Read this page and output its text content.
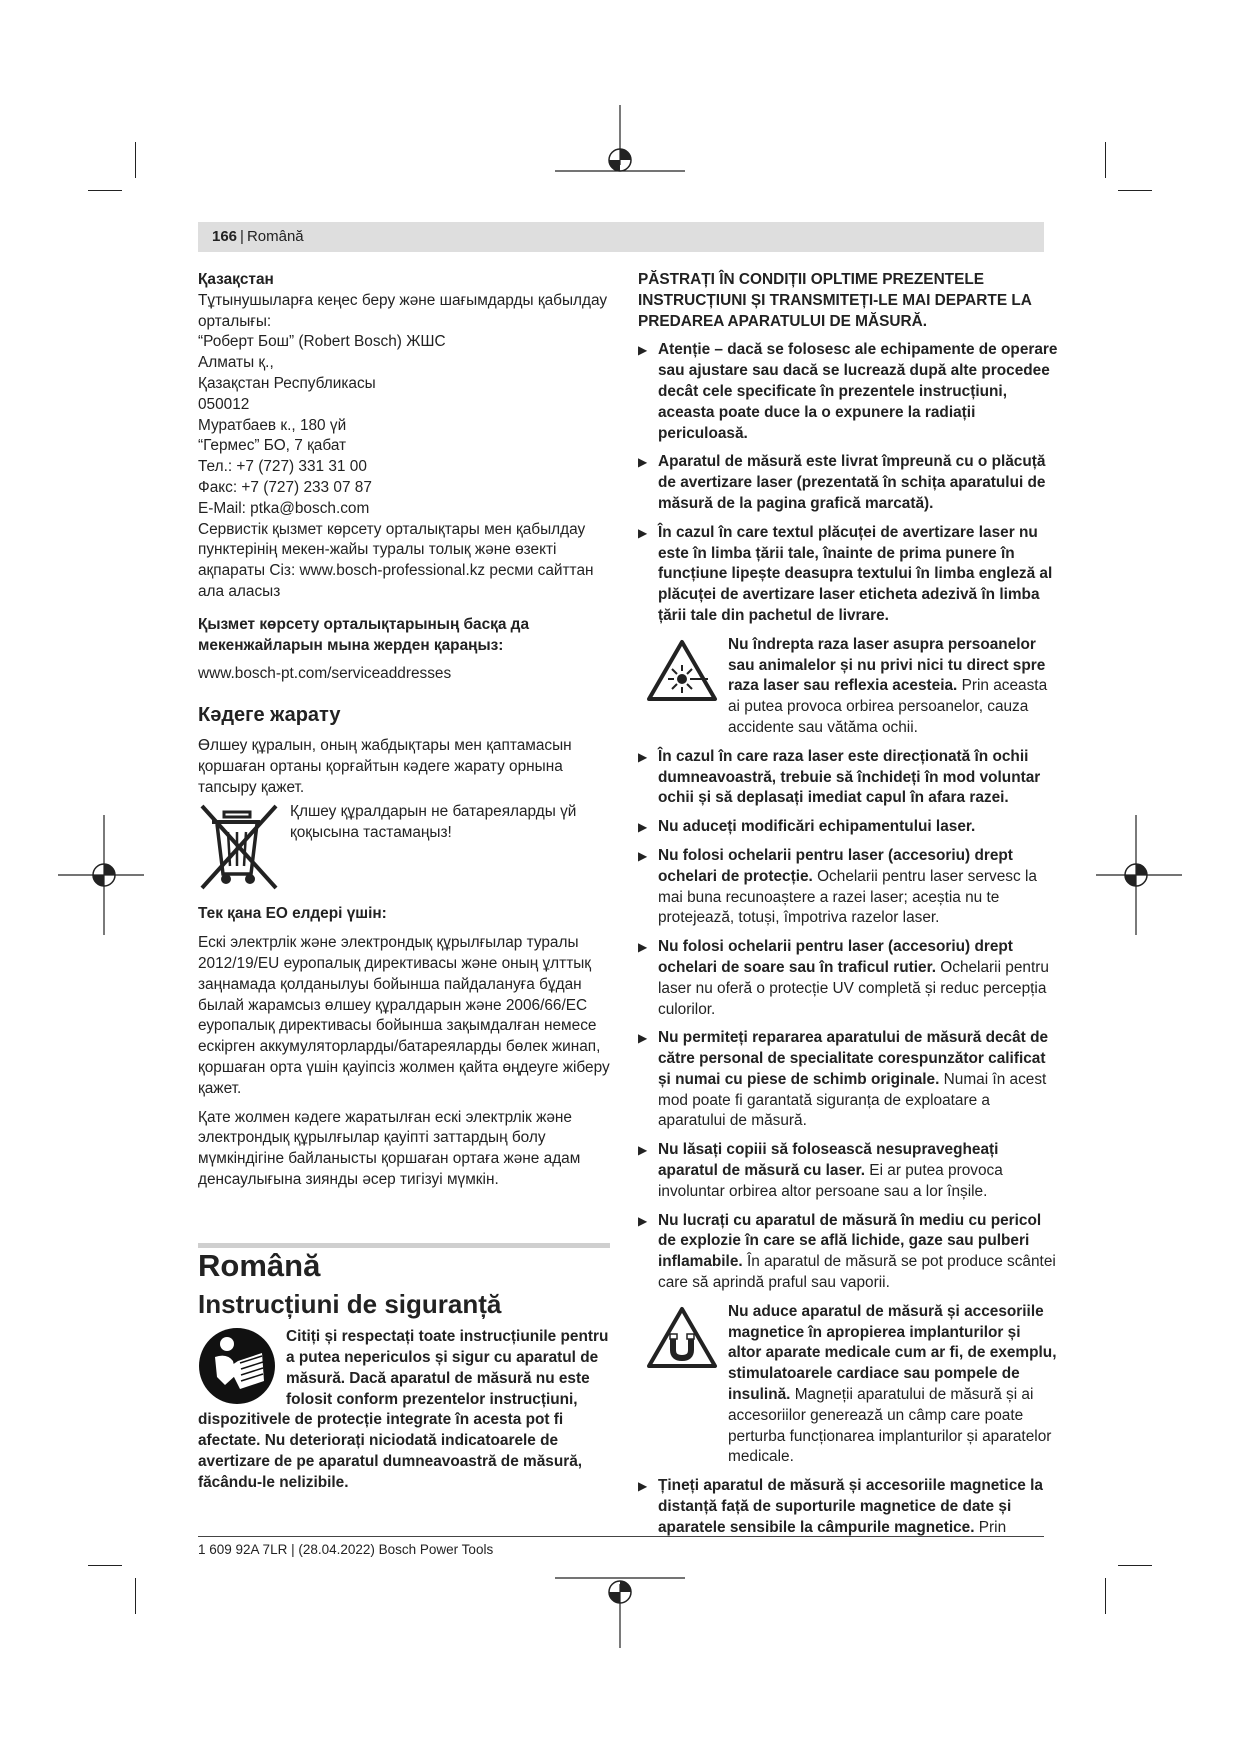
166 | Română

Қазақстан

Тұтынушыларға кеңес беру және шағымдарды қабылдау орталығы:

“Роберт Бош” (Robert Bosch) ЖШС

Алматы қ.,

Қазақстан Республикасы

050012

Муратбаев к., 180 үй

“Гермес” БО, 7 қабат

Тел.: +7 (727) 331 31 00

Факс: +7 (727) 233 07 87

E-Mail: ptka@bosch.com

Сервистік қызмет көрсету орталықтары мен қабылдау пунктерінің мекен-жайы туралы толық және өзекті ақпараты Сіз: www.bosch-professional.kz ресми сайттан ала аласыз

Қызмет көрсету орталықтарының басқа да мекенжайларын мына жерден қараңыз:

www.bosch-pt.com/serviceaddresses

Кәдеге жарату

Өлшеу құралын, оның жабдықтары мен қаптамасын қоршаған ортаны қорғайтын кәдеге жарату орнына тапсыру қажет.

Қлшеу құралдарын не батареяларды үй қоқысына тастамаңыз!

Тек қана ЕО елдері үшін:

Ескі электрлік және электрондық құрылғылар туралы 2012/19/EU еуропалық директивасы және оның ұлттық заңнамада қолданылуы бойынша пайдалануға бұдан былай жарамсыз өлшеу құралдарын және 2006/66/EC еуропалық директивасы бойынша зақымдалған немесе ескірген аккумуляторларды/батареяларды бөлек жинап, қоршаған орта үшін қауіпсіз жолмен қайта өңдеуге жіберу қажет.

Қате жолмен кәдеге жаратылған ескі электрлік және электрондық құрылғылар қауіпті заттардың болу мүмкіндігіне байланысты қоршаған ортаға және адам денсаулығына зиянды әсер тигізуі мүмкін.

Română
Instrucțiuni de siguranță
Citiți și respectați toate instrucțiunile pentru a putea nepericulos și sigur cu aparatul de măsură. Dacă aparatul de măsură nu este folosit conform prezentelor instrucțiuni, dispozitivele de protecție integrate în acesta pot fi afectate. Nu deteriorați niciodată indicatoarele de avertizare de pe aparatul dumneavoastră de măsură, făcându-le nelizibile.

PĂSTRAȚI ÎN CONDIȚII OPLTIME PREZENTELE INSTRUCȚIUNI ȘI TRANSMITEȚI-LE MAI DEPARTE LA PREDAREA APARATULUI DE MĂSURĂ.

▶ Atenție – dacă se folosesc ale echipamente de operare sau ajustare sau dacă se lucrează după alte procedee decât cele specificate în prezentele instrucțiuni, aceasta poate duce la o expunere la radiații periculoasă.
▶ Aparatul de măsură este livrat împreună cu o plăcuță de avertizare laser (prezentată în schița aparatului de măsură de la pagina grafică marcată).
▶ În cazul în care textul plăcuței de avertizare laser nu este în limba țării tale, înainte de prima punere în funcțiune lipește deasupra textului în limba engleză al plăcuței de avertizare laser eticheta adezivă în limba țării tale din pachetul de livrare.

Nu îndrepta raza laser asupra persoanelor sau animalelor și nu privi nici tu direct spre raza laser sau reflexia acesteia. Prin aceasta ai putea provoca orbirea persoanelor, cauza accidente sau vătăma ochii.

▶ În cazul în care raza laser este direcționată în ochii dumneavoastră, trebuie să închideți în mod voluntar ochii și să deplasați imediat capul în afara razei.
▶ Nu aduceți modificări echipamentului laser.
▶ Nu folosi ochelarii pentru laser (accesoriu) drept ochelari de protecție. Ochelarii pentru laser servesc la mai buna recunoaștere a razei laser; aceștia nu te protejează, totuși, împotriva razelor laser.
▶ Nu folosi ochelarii pentru laser (accesoriu) drept ochelari de soare sau în traficul rutier. Ochelarii pentru laser nu oferă o protecție UV completă și reduc percepția culorilor.
▶ Nu permiteți repararea aparatului de măsură decât de către personal de specialitate corespunzător calificat și numai cu piese de schimb originale. Numai în acest mod poate fi garantată siguranța de exploatare a aparatului de măsură.
▶ Nu lăsați copiii să folosească nesupravegheați aparatul de măsură cu laser. Ei ar putea provoca involuntar orbirea altor persoane sau a lor înșile.
▶ Nu lucrați cu aparatul de măsură în mediu cu pericol de explozie în care se află lichide, gaze sau pulberi inflamabile. În aparatul de măsură se pot produce scântei care să aprindă praful sau vaporii.

Nu aduce aparatul de măsură și accesoriile magnetice în apropierea implanturilor și altor aparate medicale cum ar fi, de exemplu, stimulatoarele cardiace sau pompele de insulină. Magneții aparatului de măsură și ai accesoriilor generează un câmp care poate perturba funcționarea implanturilor și aparatelor medicale.

▶ Țineți aparatul de măsură și accesoriile magnetice la distanță față de suporturile magnetice de date și aparatele sensibile la câmpurile magnetice. Prin
1 609 92A 7LR | (28.04.2022) Bosch Power Tools
